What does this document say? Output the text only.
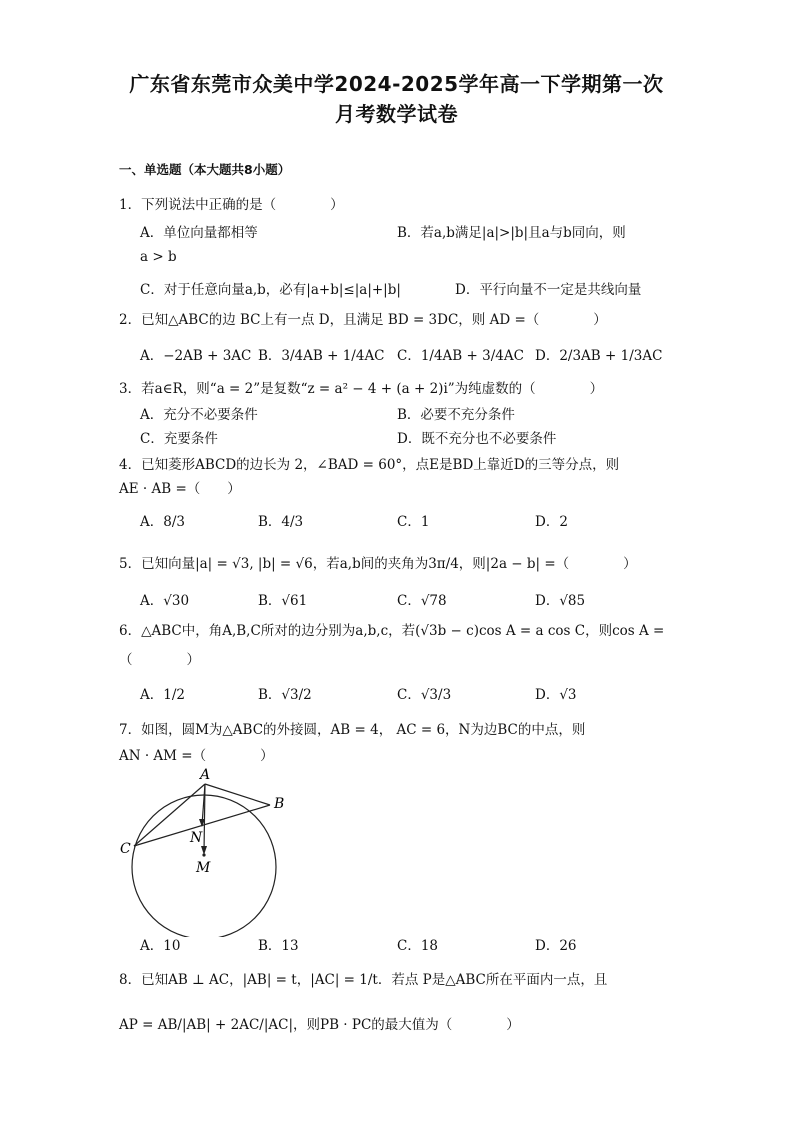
广东省东莞市众美中学2024-2025学年高一下学期第一次
月考数学试卷
一、单选题（本大题共8小题）
1．下列说法中正确的是（　　　　）
A．单位向量都相等	B．若a,b满足|a|>|b|且a与b同向，则
a > b
C．对于任意向量a,b，必有|a+b|≤|a|+|b|	D．平行向量不一定是共线向量
2．已知△ABC的边 BC上有一点 D，且满足 BD = 3DC，则 AD =（　　　　）
A．−2AB + 3AC B．3/4AB + 1/4AC C．1/4AB + 3/4AC D．2/3AB + 1/3AC
3．若a∈R，则“a = 2”是复数“z = a² − 4 + (a + 2)i”为纯虚数的（　　　　）
A．充分不必要条件	B．必要不充分条件
C．充要条件	D．既不充分也不必要条件
4．已知菱形ABCD的边长为 2，∠BAD = 60°，点E是BD上靠近D的三等分点，则
AE · AB =（　　）
A．8/3	B．4/3	C．1	D．2
5．已知向量|a| = √3, |b| = √6，若a,b间的夹角为3π/4，则|2a − b| =（　　　　）
A．√30	B．√61	C．√78	D．√85
6．△ABC中，角A,B,C所对的边分别为a,b,c，若(√3b − c)cos A = a cos C，则cos A =
（　　　　）
A．1/2	B．√3/2	C．√3/3	D．√3
7．如图，圆M为△ABC的外接圆，AB = 4， AC = 6，N为边BC的中点，则
AN · AM =（　　　　）
A
B
C
N
M
A．10	B．13	C．18	D．26
8．已知AB ⊥ AC，|AB| = t，|AC| = 1/t．若点 P是△ABC所在平面内一点，且
AP = AB/|AB| + 2AC/|AC|，则PB · PC的最大值为（　　　　）
